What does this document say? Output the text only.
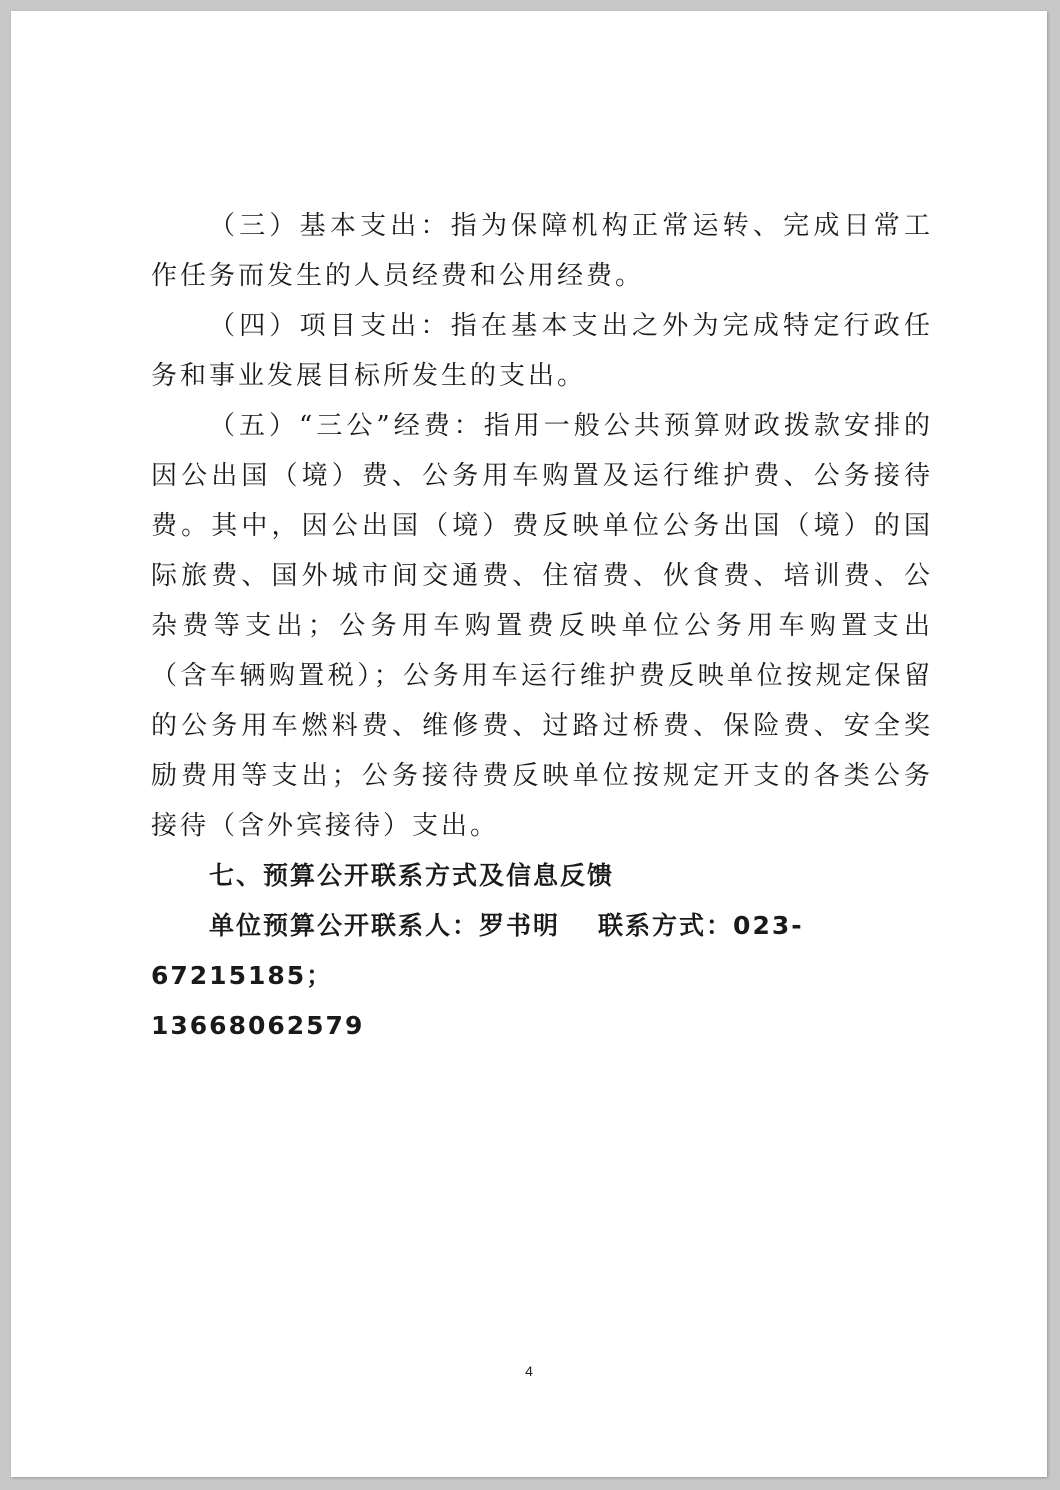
（三）基本支出：指为保障机构正常运转、完成日常工作任务而发生的人员经费和公用经费。

（四）项目支出：指在基本支出之外为完成特定行政任务和事业发展目标所发生的支出。

（五）“三公”经费：指用一般公共预算财政拨款安排的因公出国（境）费、公务用车购置及运行维护费、公务接待费。其中，因公出国（境）费反映单位公务出国（境）的国际旅费、国外城市间交通费、住宿费、伙食费、培训费、公杂费等支出；公务用车购置费反映单位公务用车购置支出（含车辆购置税）；公务用车运行维护费反映单位按规定保留的公务用车燃料费、维修费、过路过桥费、保险费、安全奖励费用等支出；公务接待费反映单位按规定开支的各类公务接待（含外宾接待）支出。

七、预算公开联系方式及信息反馈

单位预算公开联系人：罗书明 联系方式：023-67215185；
13668062579

4
